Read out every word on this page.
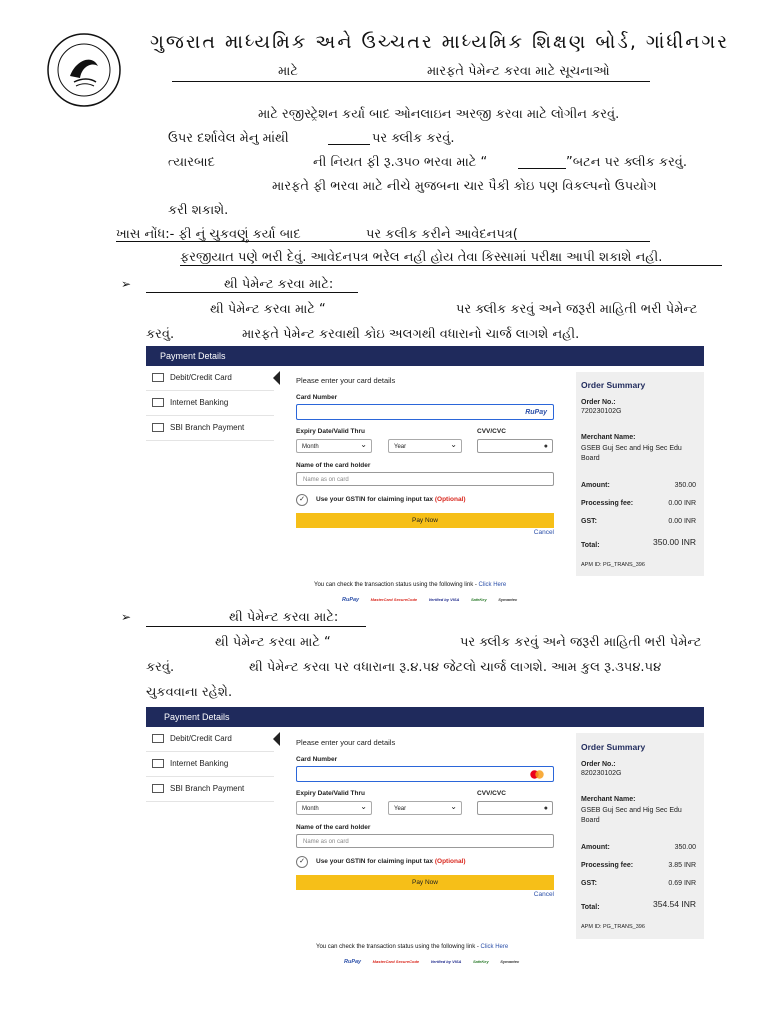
ગુજરાત માધ્યમિક અને ઉચ્ચતર માધ્યમિક શિક્ષણ બોર્ડ, ગાંધીનગર
માટે	મારફતે પેમેન્ટ કરવા માટે સૂચનાઓ
માટે રજીસ્ટ્રેશન કર્યા બાદ ઓનલાઇન અરજી કરવા માટે લોગીન કરવું.
ઉપર દર્શાવેલ મેનુ માંથી	પર ક્લીક કરવું.
ત્યારબાદ	ની નિયત ફી રૂ.૩૫૦ ભરવા માટે “	”બટન પર ક્લીક કરવું.
મારફતે ફી ભરવા માટે નીચે મુજબના ચાર પૈકી કોઇ પણ વિકલ્પનો ઉપયોગ
કરી શકાશે.
ખાસ નોંધ:- ફી નું ચુકવણું કર્યા બાદ	પર કલીક કરીને આવેદનપત્ર(
ફરજીયાત પણે ભરી દેવું. આવેદનપત્ર ભરેલ નહી હોય તેવા કિસ્સામાં પરીક્ષા આપી શકાશે નહી.
➢	થી પેમેન્ટ કરવા માટે:
થી પેમેન્ટ કરવા માટે “	પર ક્લીક કરવું અને જરૂરી માહિતી ભરી પેમેન્ટ
કરવું.	મારફતે પેમેન્ટ કરવાથી કોઇ અલગથી વધારાનો ચાર્જ લાગશે નહી.
Payment Details
Debit/Credit Card
Internet Banking
SBI Branch Payment
Please enter your card details
Card Number
RuPay
Expiry Date/Valid Thru	CVV/CVC
Month ⌄	Year ⌄	●
Name of the card holder
Name as on card
✓	Use your GSTIN for claiming input tax (Optional)
Pay Now
Cancel
Order Summary
Order No.:
720230102G
Merchant Name:
GSEB Guj Sec and Hig Sec Edu Board
Amount:	350.00
Processing fee:	0.00 INR
GST:	0.00 INR
Total:	350.00 INR
APM ID: PG_TRANS_396
You can check the transaction status using the following link - Click Here
RuPay	MasterCard SecureCode	Verified by VISA	SafeKey	Symantec
➢	થી પેમેન્ટ કરવા માટે:
થી પેમેન્ટ કરવા માટે “	પર ક્લીક કરવું અને જરૂરી માહિતી ભરી પેમેન્ટ
કરવું.	થી પેમેન્ટ કરવા પર વધારાના રૂ.૪.૫૪ જેટલો ચાર્જ લાગશે. આમ કુલ રૂ.૩૫૪.૫૪
ચુકવવાના રહેશે.
Payment Details
Debit/Credit Card
Internet Banking
SBI Branch Payment
Please enter your card details
Card Number
Expiry Date/Valid Thru	CVV/CVC
Month ⌄	Year ⌄	●
Name of the card holder
Name as on card
✓	Use your GSTIN for claiming input tax (Optional)
Pay Now
Cancel
Order Summary
Order No.:
820230102G
Merchant Name:
GSEB Guj Sec and Hig Sec Edu Board
Amount:	350.00
Processing fee:	3.85 INR
GST:	0.69 INR
Total:	354.54 INR
APM ID: PG_TRANS_396
You can check the transaction status using the following link - Click Here
RuPay	MasterCard SecureCode	Verified by VISA	SafeKey	Symantec
